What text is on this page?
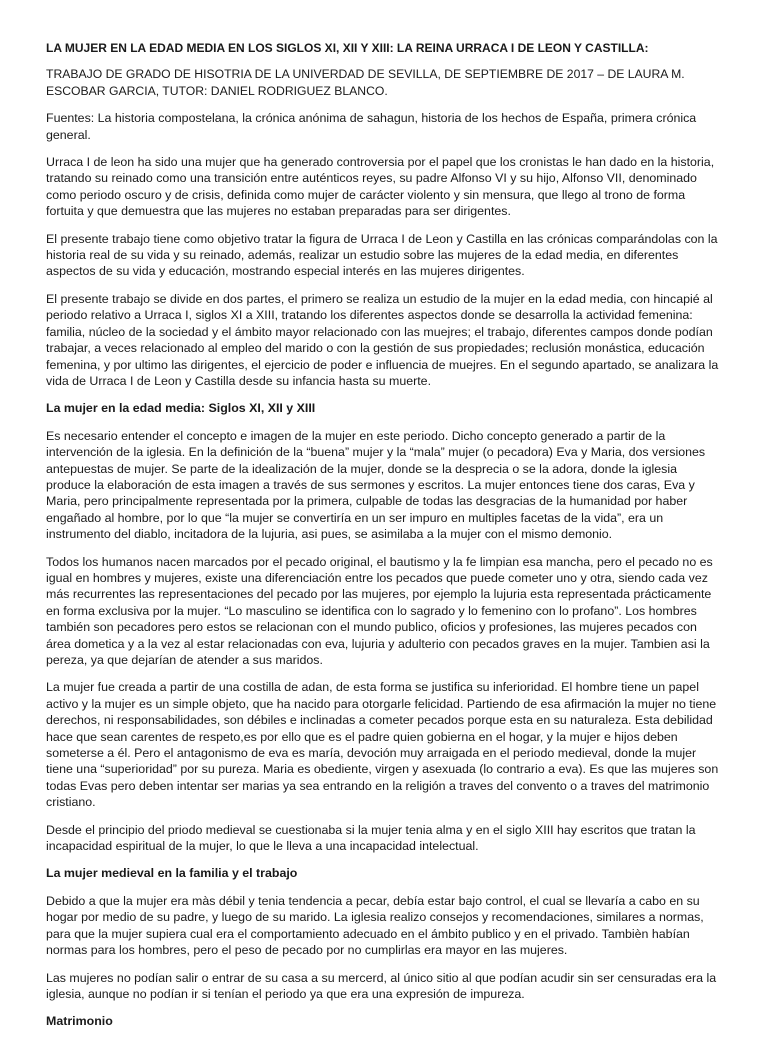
LA MUJER EN LA EDAD MEDIA EN LOS SIGLOS XI, XII Y XIII: LA REINA URRACA I DE LEON Y CASTILLA:

TRABAJO DE GRADO DE HISOTRIA DE LA UNIVERDAD DE SEVILLA, DE SEPTIEMBRE DE 2017 – DE LAURA M. ESCOBAR GARCIA, TUTOR: DANIEL RODRIGUEZ BLANCO.

Fuentes: La historia compostelana, la crónica anónima de sahagun, historia de los hechos de España, primera crónica general.

Urraca I de leon ha sido una mujer que ha generado controversia por el papel que los cronistas le han dado en la historia, tratando su reinado como una transición entre auténticos reyes, su padre Alfonso VI y su hijo, Alfonso VII, denominado como periodo oscuro y de crisis, definida como mujer de carácter violento y sin mensura, que llego al trono de forma fortuita y que demuestra que las mujeres no estaban preparadas para ser dirigentes.

El presente trabajo tiene como objetivo tratar la figura de Urraca I de Leon y Castilla en las crónicas comparándolas con la historia real de su vida y su reinado, además, realizar un estudio sobre las mujeres de la edad media, en diferentes aspectos de su vida y educación, mostrando especial interés en las mujeres dirigentes.

El presente trabajo se divide en dos partes, el primero se realiza un estudio de la mujer en la edad media, con hincapié al periodo relativo a Urraca I, siglos XI a XIII, tratando los diferentes aspectos donde se desarrolla la actividad femenina: familia, núcleo de la sociedad y el ámbito mayor relacionado con las muejres; el trabajo, diferentes campos donde podían trabajar, a veces relacionado al empleo del marido o con la gestión de sus propiedades; reclusión monástica, educación femenina, y por ultimo las dirigentes, el ejercicio de poder e influencia de muejres. En el segundo apartado, se analizara la vida de Urraca I de Leon y Castilla desde su infancia hasta su muerte.

La mujer en la edad media: Siglos XI, XII y XIII

Es necesario entender el concepto e imagen de la mujer en este periodo. Dicho concepto generado a partir de la intervención de la iglesia. En la definición de la “buena” mujer y la “mala” mujer (o pecadora) Eva y Maria, dos versiones antepuestas de mujer. Se parte de la idealización de la mujer, donde se la desprecia o se la adora, donde la iglesia produce la elaboración de esta imagen a través de sus sermones y escritos. La mujer entonces tiene dos caras, Eva y Maria, pero principalmente representada por la primera, culpable de todas las desgracias de la humanidad por haber engañado al hombre, por lo que “la mujer se convertiría en un ser impuro en multiples facetas de la vida”, era un instrumento del diablo, incitadora de la lujuria, asi pues, se asimilaba a la mujer con el mismo demonio.

Todos los humanos nacen marcados por el pecado original, el bautismo y la fe limpian esa mancha, pero el pecado no es igual en hombres y mujeres, existe una diferenciación entre los pecados que puede cometer uno y otra, siendo cada vez más recurrentes las representaciones del pecado por las mujeres, por ejemplo la lujuria esta representada prácticamente en forma exclusiva por la mujer. “Lo masculino se identifica con lo sagrado y lo femenino con lo profano”. Los hombres también son pecadores pero estos se relacionan con el mundo publico, oficios y profesiones, las mujeres pecados con área dometica y a la vez al estar relacionadas con eva, lujuria y adulterio con pecados graves en la mujer. Tambien asi la pereza, ya que dejarían de atender a sus maridos.

La mujer fue creada a partir de una costilla de adan, de esta forma se justifica su inferioridad. El hombre tiene un papel activo y la mujer es un simple objeto, que ha nacido para otorgarle felicidad. Partiendo de esa afirmación la mujer no tiene derechos, ni responsabilidades, son débiles e inclinadas a cometer pecados porque esta en su naturaleza. Esta debilidad hace que sean carentes de respeto,es por ello que es el padre quien gobierna en el hogar, y la mujer e hijos deben someterse a él. Pero el antagonismo de eva es maría, devoción muy arraigada en el periodo medieval, donde la mujer tiene una “superioridad” por su pureza. Maria es obediente, virgen y asexuada (lo contrario a eva). Es que las mujeres son todas Evas pero deben intentar ser marias ya sea entrando en la religión a traves del convento o a traves del matrimonio cristiano.

Desde el principio del priodo medieval se cuestionaba si la mujer tenia alma y en el siglo XIII hay escritos que tratan la incapacidad espiritual de la mujer, lo que le lleva a una incapacidad intelectual.

La mujer medieval en la familia y el trabajo

Debido a que la mujer era màs débil y tenia tendencia a pecar, debía estar bajo control, el cual se llevaría a cabo en su hogar por medio de su padre, y luego de su marido. La iglesia realizo consejos y recomendaciones, similares a normas, para que la mujer supiera cual era el comportamiento adecuado en el ámbito publico y en el privado. Tambièn habían normas para los hombres, pero el peso de pecado por no cumplirlas era mayor en las mujeres.

Las mujeres no podían salir o entrar de su casa a su mercerd, al único sitio al que podían acudir sin ser censuradas era la iglesia, aunque no podían ir si tenían el periodo ya que era una expresión de impureza.

Matrimonio
